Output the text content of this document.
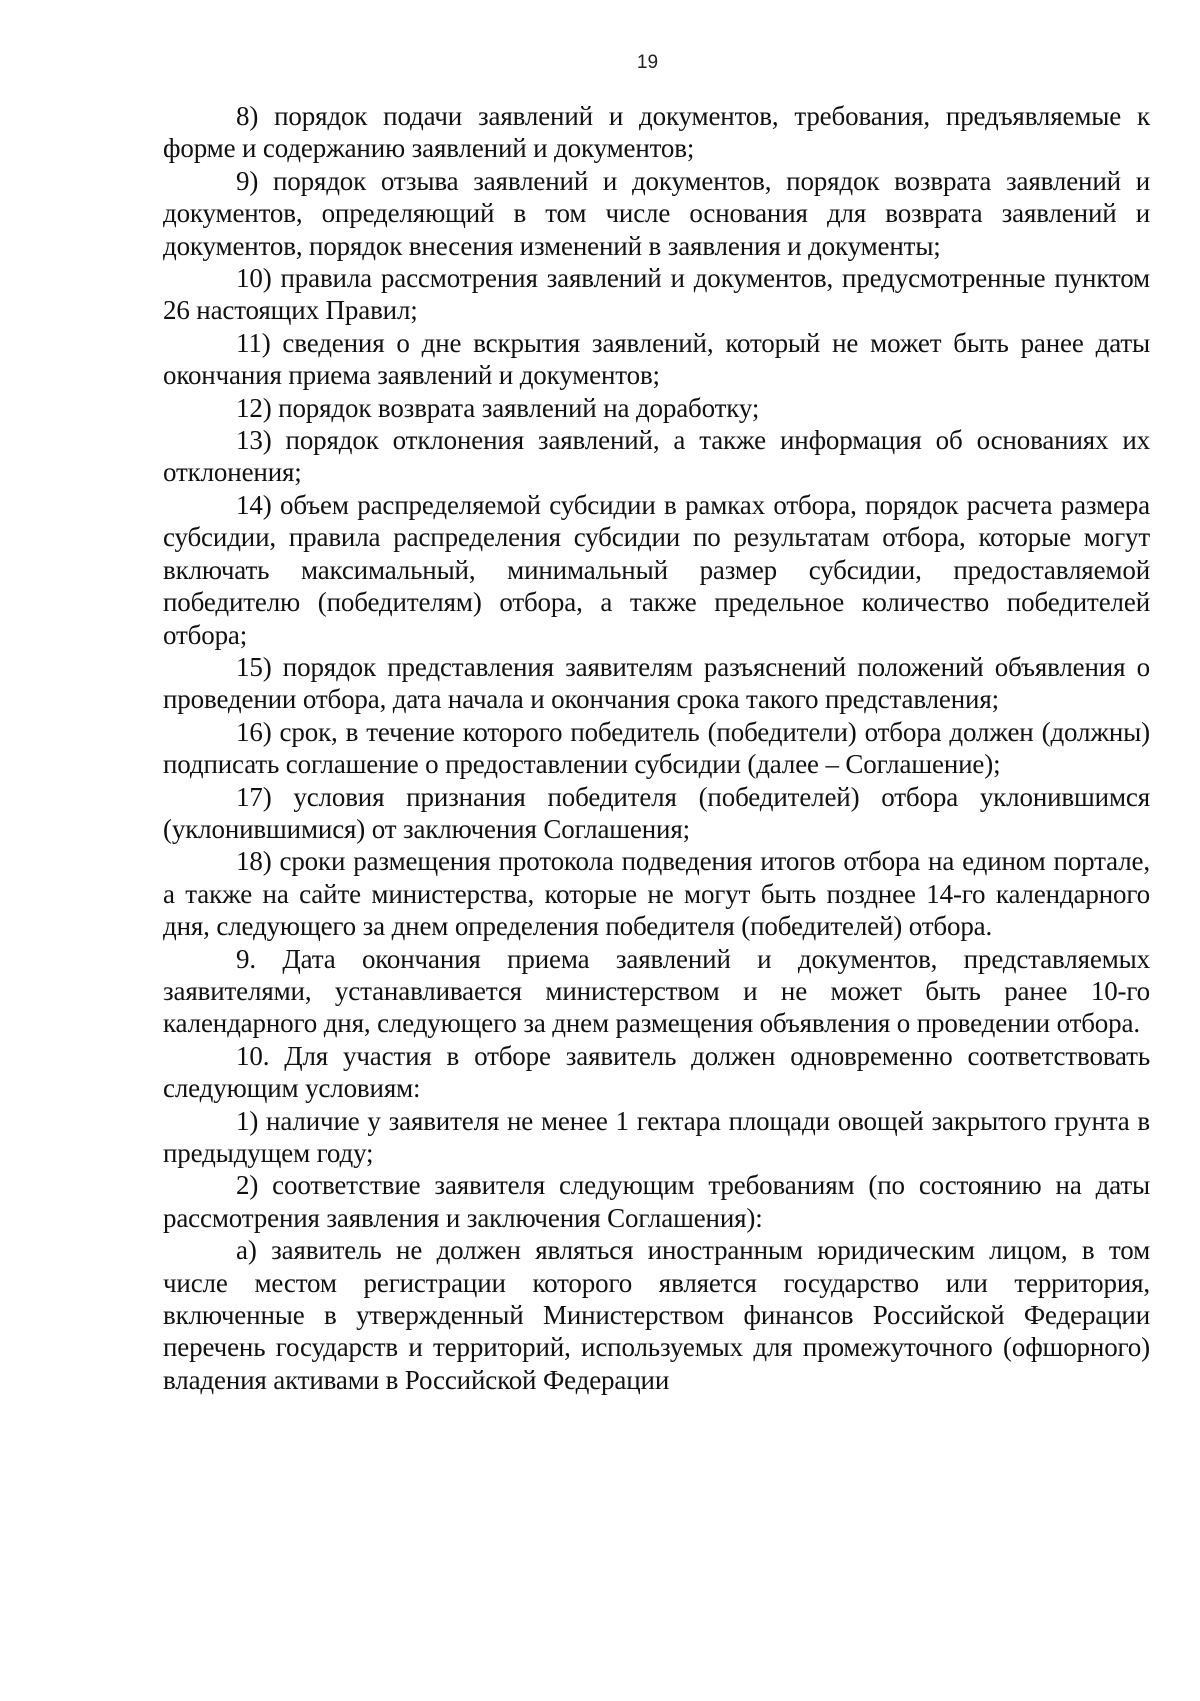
19

8) порядок подачи заявлений и документов, требования, предъявляемые к форме и содержанию заявлений и документов;

9) порядок отзыва заявлений и документов, порядок возврата заявлений и документов, определяющий в том числе основания для возврата заявлений и документов, порядок внесения изменений в заявления и документы;

10) правила рассмотрения заявлений и документов, предусмотренные пунктом 26 настоящих Правил;

11) сведения о дне вскрытия заявлений, который не может быть ранее даты окончания приема заявлений и документов;

12) порядок возврата заявлений на доработку;

13) порядок отклонения заявлений, а также информация об основаниях их отклонения;

14) объем распределяемой субсидии в рамках отбора, порядок расчета размера субсидии, правила распределения субсидии по результатам отбора, которые могут включать максимальный, минимальный размер субсидии, предоставляемой победителю (победителям) отбора, а также предельное количество победителей отбора;

15) порядок представления заявителям разъяснений положений объявления о проведении отбора, дата начала и окончания срока такого представления;

16) срок, в течение которого победитель (победители) отбора должен (должны) подписать соглашение о предоставлении субсидии (далее – Соглашение);

17) условия признания победителя (победителей) отбора уклонившимся (уклонившимися) от заключения Соглашения;

18) сроки размещения протокола подведения итогов отбора на едином портале, а также на сайте министерства, которые не могут быть позднее 14-го календарного дня, следующего за днем определения победителя (победителей) отбора.

9. Дата окончания приема заявлений и документов, представляемых заявителями, устанавливается министерством и не может быть ранее 10-го календарного дня, следующего за днем размещения объявления о проведении отбора.

10. Для участия в отборе заявитель должен одновременно соответствовать следующим условиям:

1) наличие у заявителя не менее 1 гектара площади овощей закрытого грунта в предыдущем году;

2) соответствие заявителя следующим требованиям (по состоянию на даты рассмотрения заявления и заключения Соглашения):

а) заявитель не должен являться иностранным юридическим лицом, в том числе местом регистрации которого является государство или территория, включенные в утвержденный Министерством финансов Российской Федерации перечень государств и территорий, используемых для промежуточного (офшорного) владения активами в Российской Федерации
